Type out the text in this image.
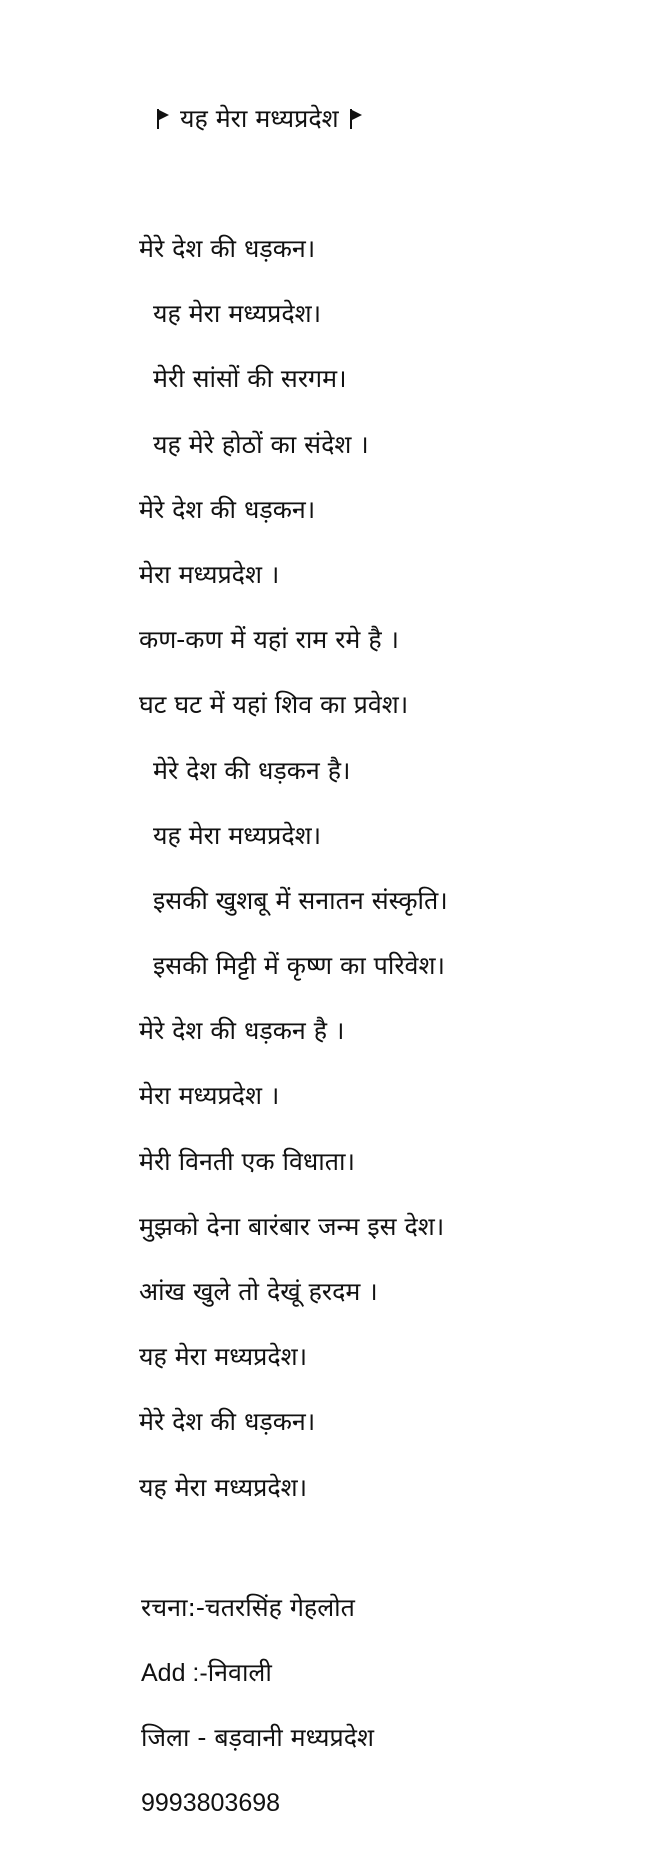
यह मेरा मध्यप्रदेश
मेरे देश की धड़कन।
यह मेरा मध्यप्रदेश।
मेरी सांसों की सरगम।
यह मेरे होठों का संदेश ।
मेरे देश की धड़कन।
मेरा मध्यप्रदेश ।
कण-कण में यहां राम रमे है ।
घट घट में यहां शिव का प्रवेश।
मेरे देश की धड़कन है।
यह मेरा मध्यप्रदेश।
इसकी खुशबू में सनातन संस्कृति।
इसकी मिट्टी में कृष्ण का परिवेश।
मेरे देश की धड़कन है ।
मेरा मध्यप्रदेश ।
मेरी विनती एक विधाता।
मुझको देना बारंबार जन्म इस देश।
आंख खुले तो देखूं हरदम ।
यह मेरा मध्यप्रदेश।
मेरे देश की धड़कन।
यह मेरा मध्यप्रदेश।
रचना:-चतरसिंह गेहलोत
Add :-निवाली
जिला - बड़वानी मध्यप्रदेश
9993803698
